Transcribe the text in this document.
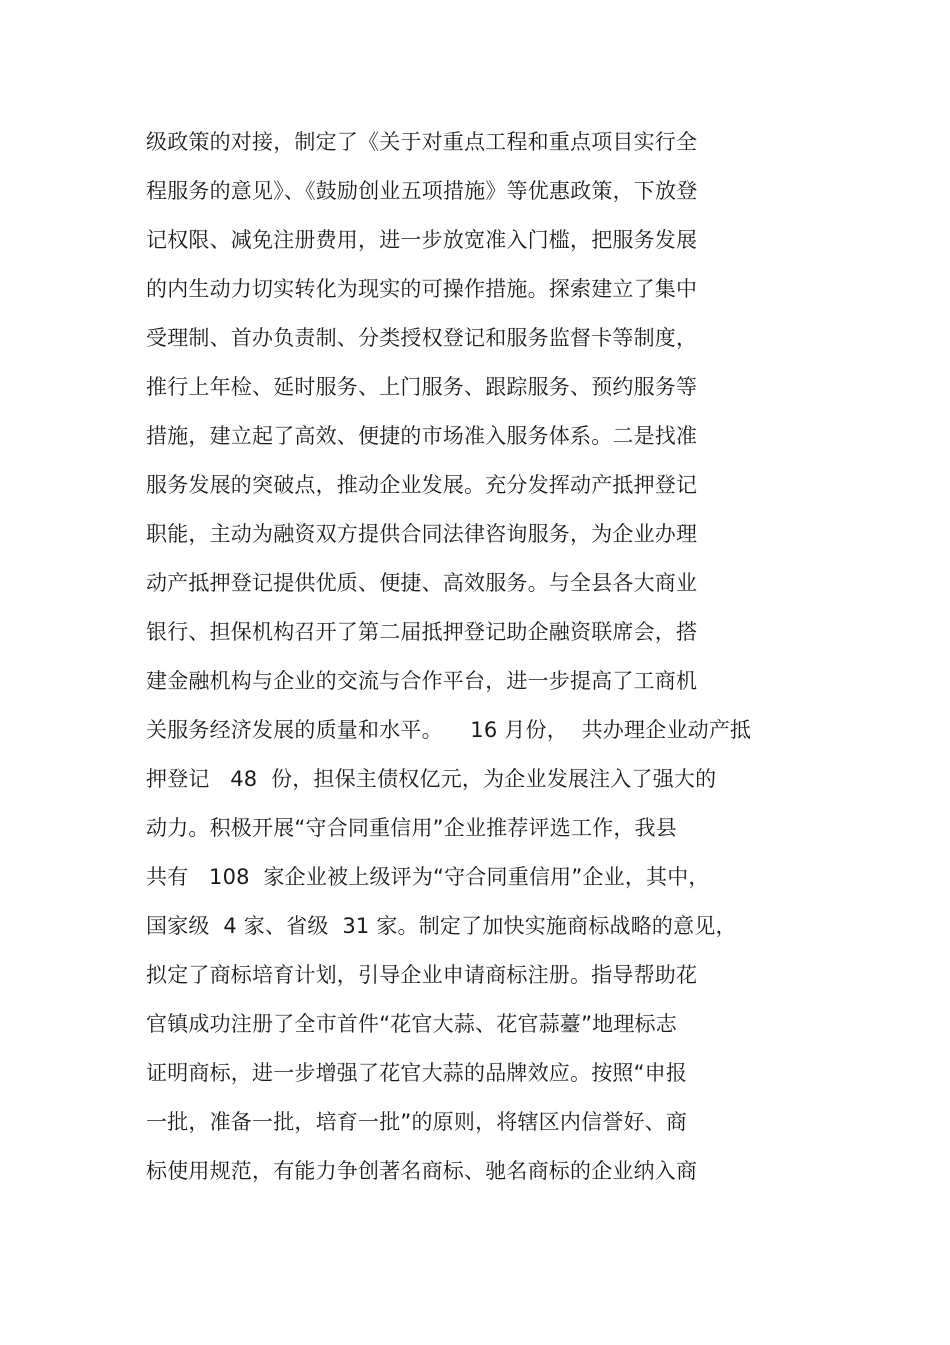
级政策的对接，制定了《关于对重点工程和重点项目实行全
程服务的意见》、《鼓励创业五项措施》等优惠政策，下放登
记权限、减免注册费用，进一步放宽准入门槛，把服务发展
的内生动力切实转化为现实的可操作措施。探索建立了集中
受理制、首办负责制、分类授权登记和服务监督卡等制度，
推行上年检、延时服务、上门服务、跟踪服务、预约服务等
措施，建立起了高效、便捷的市场准入服务体系。二是找准
服务发展的突破点，推动企业发展。充分发挥动产抵押登记
职能，主动为融资双方提供合同法律咨询服务，为企业办理
动产抵押登记提供优质、便捷、高效服务。与全县各大商业
银行、担保机构召开了第二届抵押登记助企融资联席会，搭
建金融机构与企业的交流与合作平台，进一步提高了工商机
关服务经济发展的质量和水平。    16 月份，  共办理企业动产抵
押登记   48  份，担保主债权亿元，为企业发展注入了强大的
动力。积极开展“守合同重信用”企业推荐评选工作，我县
共有   108  家企业被上级评为“守合同重信用”企业，其中，
国家级  4 家、省级  31 家。制定了加快实施商标战略的意见，
拟定了商标培育计划，引导企业申请商标注册。指导帮助花
官镇成功注册了全市首件“花官大蒜、花官蒜薹”地理标志
证明商标，进一步增强了花官大蒜的品牌效应。按照“申报
一批，准备一批，培育一批”的原则，将辖区内信誉好、商
标使用规范，有能力争创著名商标、驰名商标的企业纳入商
